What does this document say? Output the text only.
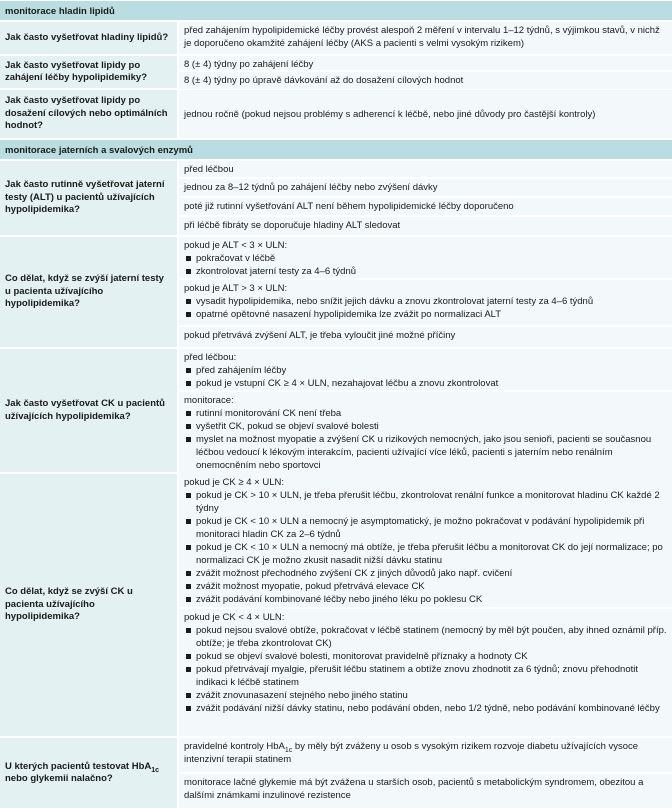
monitorace hladin lipidů
Jak často vyšetřovat hladiny lipidů?
před zahájením hypolipidemické léčby provést alespoň 2 měření v intervalu 1–12 týdnů, s výjimkou stavů, v nichž je doporučeno okamžité zahájení léčby (AKS a pacienti s velmi vysokým rizikem)
Jak často vyšetřovat lipidy po zahájení léčby hypolipidemiky?
8 (± 4) týdny po zahájení léčby
8 (± 4) týdny po úpravě dávkování až do dosažení cílových hodnot
Jak často vyšetřovat lipidy po dosažení cílových nebo optimálních hodnot?
jednou ročně (pokud nejsou problémy s adherencí k léčbě, nebo jiné důvody pro častější kontroly)
monitorace jaterních a svalových enzymů
Jak často rutinně vyšetřovat jaterní testy (ALT) u pacientů užívajících hypolipidemika?
před léčbou
jednou za 8–12 týdnů po zahájení léčby nebo zvýšení dávky
poté již rutinní vyšetřování ALT není během hypolipidemické léčby doporučeno
při léčbě fibráty se doporučuje hladiny ALT sledovat
Co dělat, když se zvýší jaterní testy u pacienta užívajícího hypolipidemika?
pokud je ALT < 3 × ULN:
pokračovat v léčbě
zkontrolovat jaterní testy za 4–6 týdnů
pokud je ALT > 3 × ULN:
vysadit hypolipidemika, nebo snížit jejich dávku a znovu zkontrolovat jaterní testy za 4–6 týdnů
opatrné opětovné nasazení hypolipidemika lze zvážit po normalizaci ALT
pokud přetrvává zvýšení ALT, je třeba vyloučit jiné možné příčiny
Jak často vyšetřovat CK u pacientů užívajících hypolipidemika?
před léčbou:
před zahájením léčby
pokud je vstupní CK ≥ 4 × ULN, nezahajovat léčbu a znovu zkontrolovat
monitorace:
rutinní monitorování CK není třeba
vyšetřit CK, pokud se objeví svalové bolesti
myslet na možnost myopatie a zvýšení CK u rizikových nemocných, jako jsou senioři, pacienti se současnou léčbou vedoucí k lékovým interakcím, pacienti užívající více léků, pacienti s jaterním nebo renálním onemocněním nebo sportovci
Co dělat, když se zvýší CK u pacienta užívajícího hypolipidemika?
pokud je CK ≥ 4 × ULN:
pokud je CK > 10 × ULN, je třeba přerušit léčbu, zkontrolovat renální funkce a monitorovat hladinu CK každé 2 týdny
pokud je CK < 10 × ULN a nemocný je asymptomatický, je možno pokračovat v podávání hypolipidemik při monitoraci hladin CK za 2–6 týdnů
pokud je CK < 10 × ULN a nemocný má obtíže, je třeba přerušit léčbu a monitorovat CK do její normalizace; po normalizaci CK je možno zkusit nasadit nižší dávku statinu
zvážit možnost přechodného zvýšení CK z jiných důvodů jako např. cvičení
zvážit možnost myopatie, pokud přetrvává elevace CK
zvážit podávání kombinované léčby nebo jiného léku po poklesu CK
pokud je CK < 4 × ULN:
pokud nejsou svalové obtíže, pokračovat v léčbě statinem (nemocný by měl být poučen, aby ihned oznámil příp. obtíže; je třeba zkontrolovat CK)
pokud se objeví svalové bolesti, monitorovat pravidelně příznaky a hodnoty CK
pokud přetrvávají myalgie, přerušit léčbu statinem a obtíže znovu zhodnotit za 6 týdnů; znovu přehodnotit indikaci k léčbě statinem
zvážit znovunasazení stejného nebo jiného statinu
zvážit podávání nižší dávky statinu, nebo podávání obden, nebo 1/2 týdně, nebo podávání kombinované léčby
U kterých pacientů testovat HbA$_{1c}$ nebo glykemii nalačno?
pravidelné kontroly HbA$_{1c}$ by měly být zváženy u osob s vysokým rizikem rozvoje diabetu užívajících vysoce intenzivní terapii statinem
monitorace lačné glykemie má být zvážena u starších osob, pacientů s metabolickým syndromem, obezitou a dalšími známkami inzulinové rezistence
